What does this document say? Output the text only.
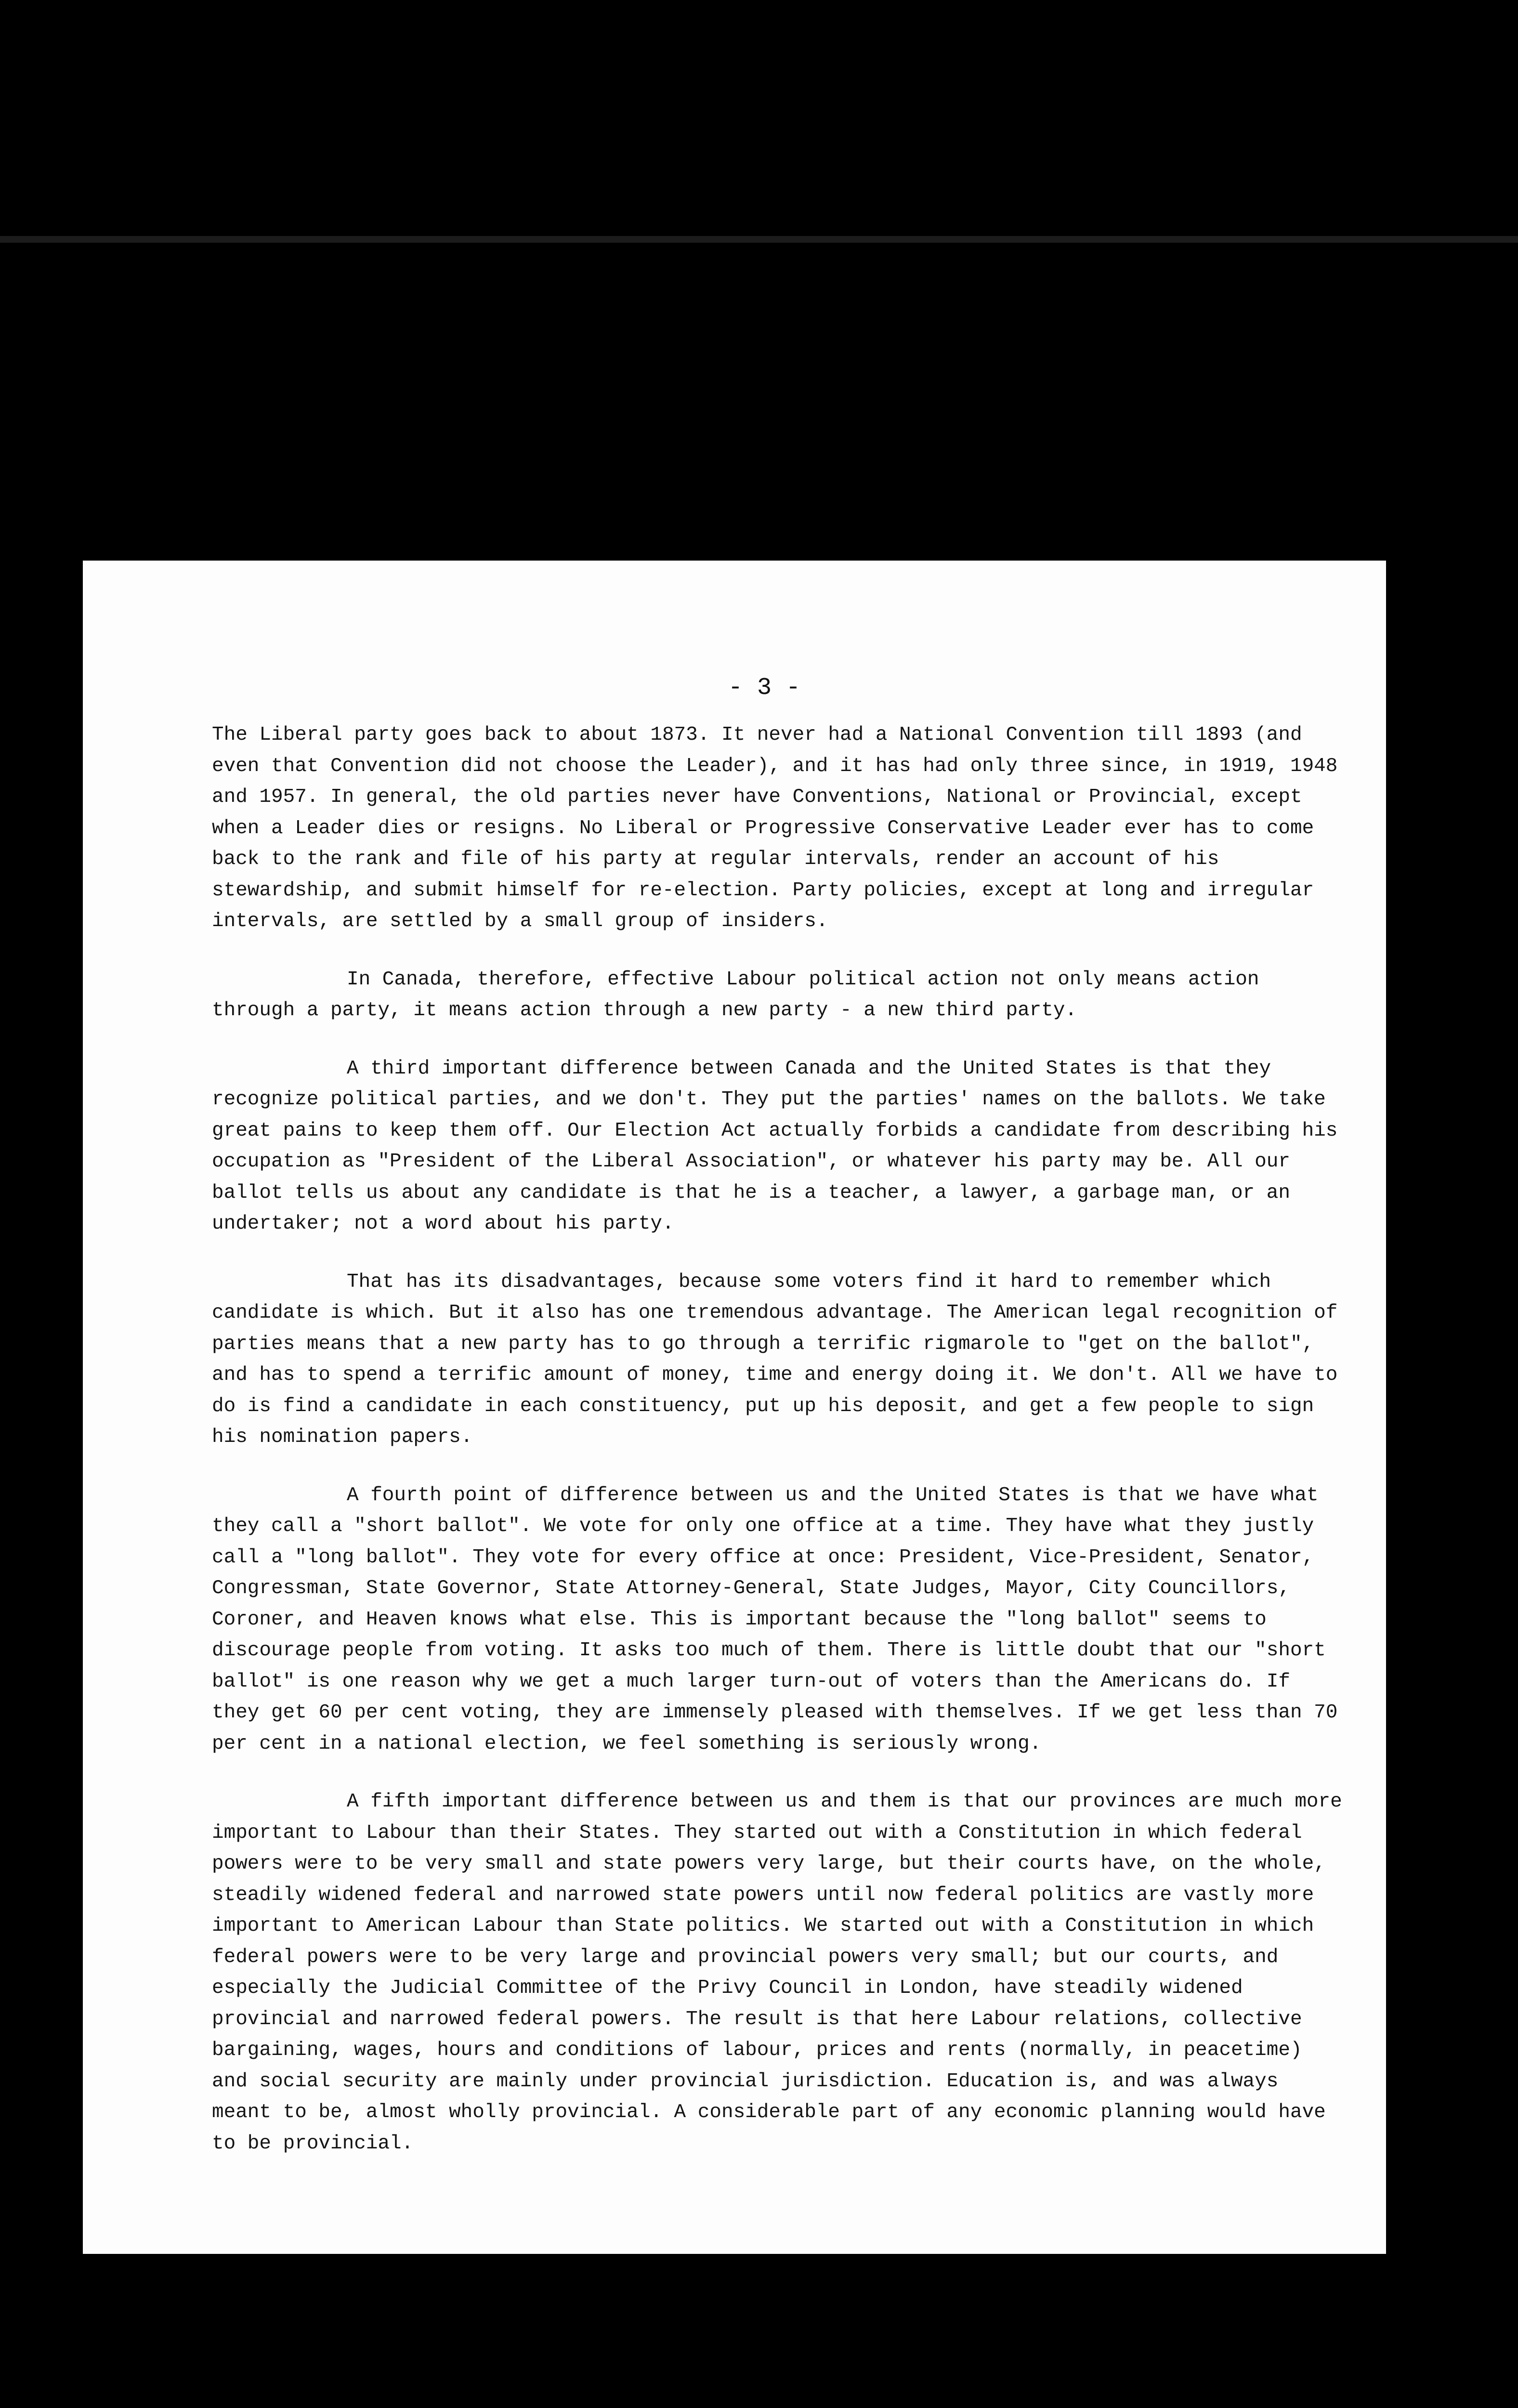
- 3 -

The Liberal party goes back to about 1873. It never had a National Convention till 1893 (and even that Convention did not choose the Leader), and it has had only three since, in 1919, 1948 and 1957. In general, the old parties never have Conventions, National or Provincial, except when a Leader dies or resigns. No Liberal or Progressive Conservative Leader ever has to come back to the rank and file of his party at regular intervals, render an account of his stewardship, and submit himself for re-election. Party policies, except at long and irregular intervals, are settled by a small group of insiders.

In Canada, therefore, effective Labour political action not only means action through a party, it means action through a new party - a new third party.

A third important difference between Canada and the United States is that they recognize political parties, and we don't. They put the parties' names on the ballots. We take great pains to keep them off. Our Election Act actually forbids a candidate from describing his occupation as "President of the Liberal Association", or whatever his party may be. All our ballot tells us about any candidate is that he is a teacher, a lawyer, a garbage man, or an undertaker; not a word about his party.

That has its disadvantages, because some voters find it hard to remember which candidate is which. But it also has one tremendous advantage. The American legal recognition of parties means that a new party has to go through a terrific rigmarole to "get on the ballot", and has to spend a terrific amount of money, time and energy doing it. We don't. All we have to do is find a candidate in each constituency, put up his deposit, and get a few people to sign his nomination papers.

A fourth point of difference between us and the United States is that we have what they call a "short ballot". We vote for only one office at a time. They have what they justly call a "long ballot". They vote for every office at once: President, Vice-President, Senator, Congressman, State Governor, State Attorney-General, State Judges, Mayor, City Councillors, Coroner, and Heaven knows what else. This is important because the "long ballot" seems to discourage people from voting. It asks too much of them. There is little doubt that our "short ballot" is one reason why we get a much larger turn-out of voters than the Americans do. If they get 60 per cent voting, they are immensely pleased with themselves. If we get less than 70 per cent in a national election, we feel something is seriously wrong.

A fifth important difference between us and them is that our provinces are much more important to Labour than their States. They started out with a Constitution in which federal powers were to be very small and state powers very large, but their courts have, on the whole, steadily widened federal and narrowed state powers until now federal politics are vastly more important to American Labour than State politics. We started out with a Constitution in which federal powers were to be very large and provincial powers very small; but our courts, and especially the Judicial Committee of the Privy Council in London, have steadily widened provincial and narrowed federal powers. The result is that here Labour relations, collective bargaining, wages, hours and conditions of labour, prices and rents (normally, in peacetime) and social security are mainly under provincial jurisdiction. Education is, and was always meant to be, almost wholly provincial. A considerable part of any economic planning would have to be provincial.
